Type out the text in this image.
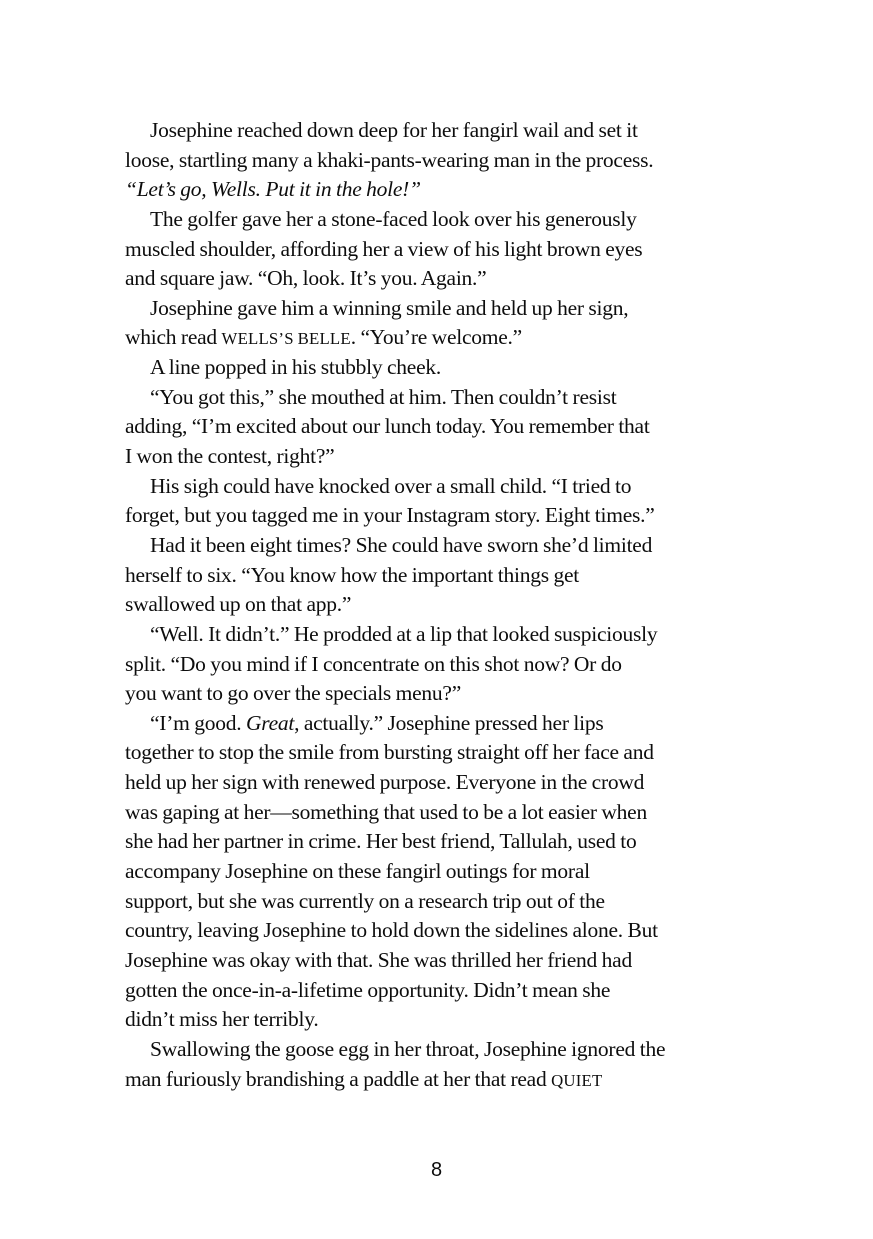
Josephine reached down deep for her fangirl wail and set it
loose, startling many a khaki-pants-wearing man in the process.
“Let’s go, Wells. Put it in the hole!”
The golfer gave her a stone-faced look over his generously
muscled shoulder, affording her a view of his light brown eyes
and square jaw. “Oh, look. It’s you. Again.”
Josephine gave him a winning smile and held up her sign,
which read WELLS’S BELLE. “You’re welcome.”
A line popped in his stubbly cheek.
“You got this,” she mouthed at him. Then couldn’t resist
adding, “I’m excited about our lunch today. You remember that
I won the contest, right?”
His sigh could have knocked over a small child. “I tried to
forget, but you tagged me in your Instagram story. Eight times.”
Had it been eight times? She could have sworn she’d limited
herself to six. “You know how the important things get
swallowed up on that app.”
“Well. It didn’t.” He prodded at a lip that looked suspiciously
split. “Do you mind if I concentrate on this shot now? Or do
you want to go over the specials menu?”
“I’m good. Great, actually.” Josephine pressed her lips
together to stop the smile from bursting straight off her face and
held up her sign with renewed purpose. Everyone in the crowd
was gaping at her—something that used to be a lot easier when
she had her partner in crime. Her best friend, Tallulah, used to
accompany Josephine on these fangirl outings for moral
support, but she was currently on a research trip out of the
country, leaving Josephine to hold down the sidelines alone. But
Josephine was okay with that. She was thrilled her friend had
gotten the once-in-a-lifetime opportunity. Didn’t mean she
didn’t miss her terribly.
Swallowing the goose egg in her throat, Josephine ignored the
man furiously brandishing a paddle at her that read QUIET
8
